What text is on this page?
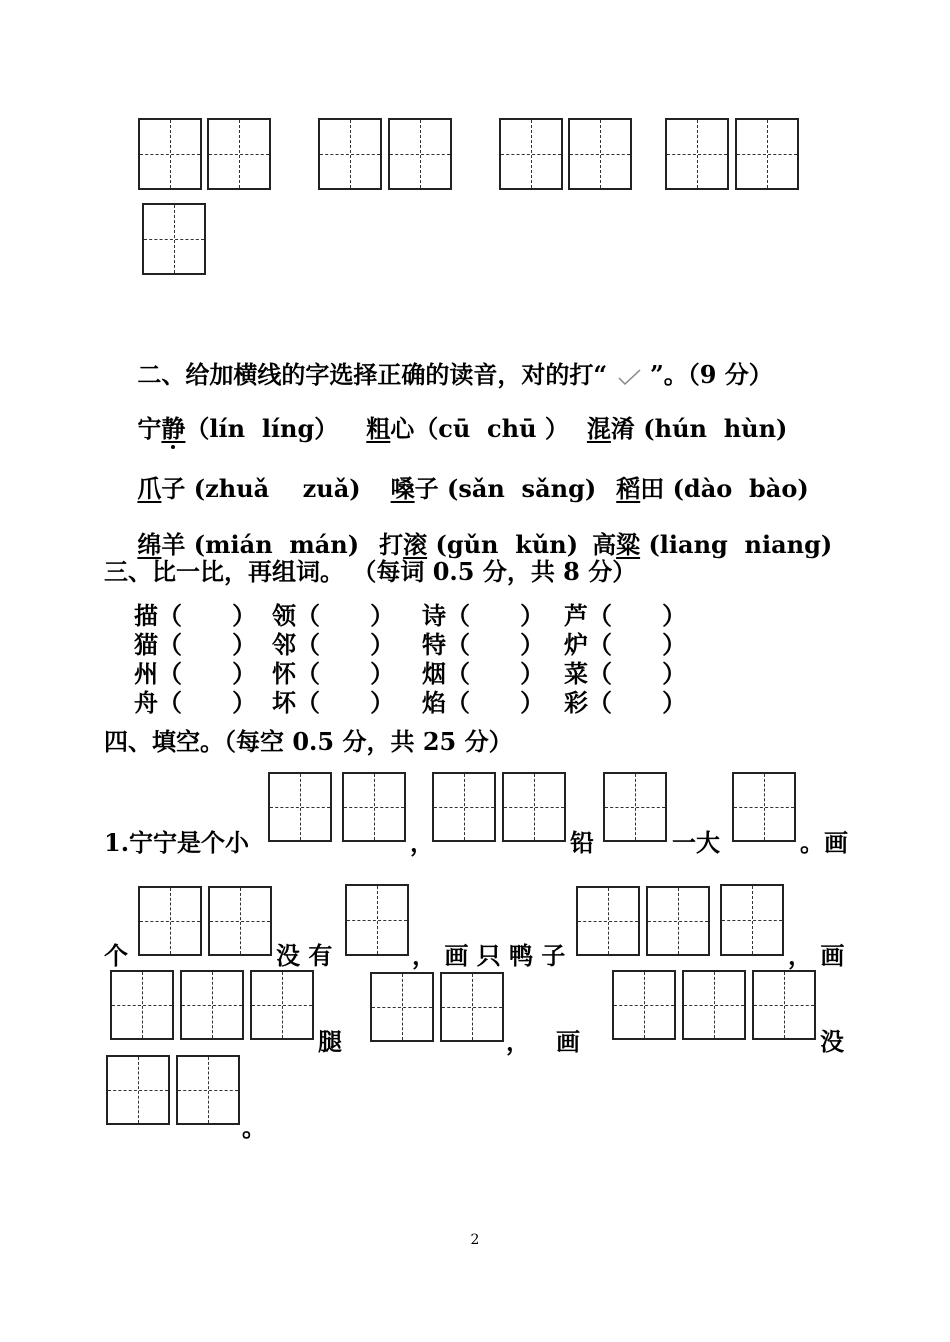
二、给加横线的字选择正确的读音，对的打“  ”。（9 分）

宁静（lín  líng） 粗心（cū  chū ） 混淆 (hún  hùn)

爪子 (zhuǎ    zuǎ) 嗓子 (sǎn  sǎng) 稻田 (dào  bào)

绵羊 (mián  mán) 打滚 (gǔn  kǔn) 高粱 (liang  niang)

三、比一比，再组词。 （每词 0.5 分，共 8 分）
描（      ） 领（      ） 诗（      ） 芦（      ）
猫（      ） 邻（      ） 特（      ） 炉（      ）
州（      ） 怀（      ） 烟（      ） 菜（      ）
舟（      ） 坏（      ） 焰（      ） 彩（      ）
四、填空。（每空 0.5 分，共 25 分）
1.宁宁是个小	，	铅	一大	。画
个	没 有	， 画 只 鸭 子	， 画
腿	， 画	没
。
2
